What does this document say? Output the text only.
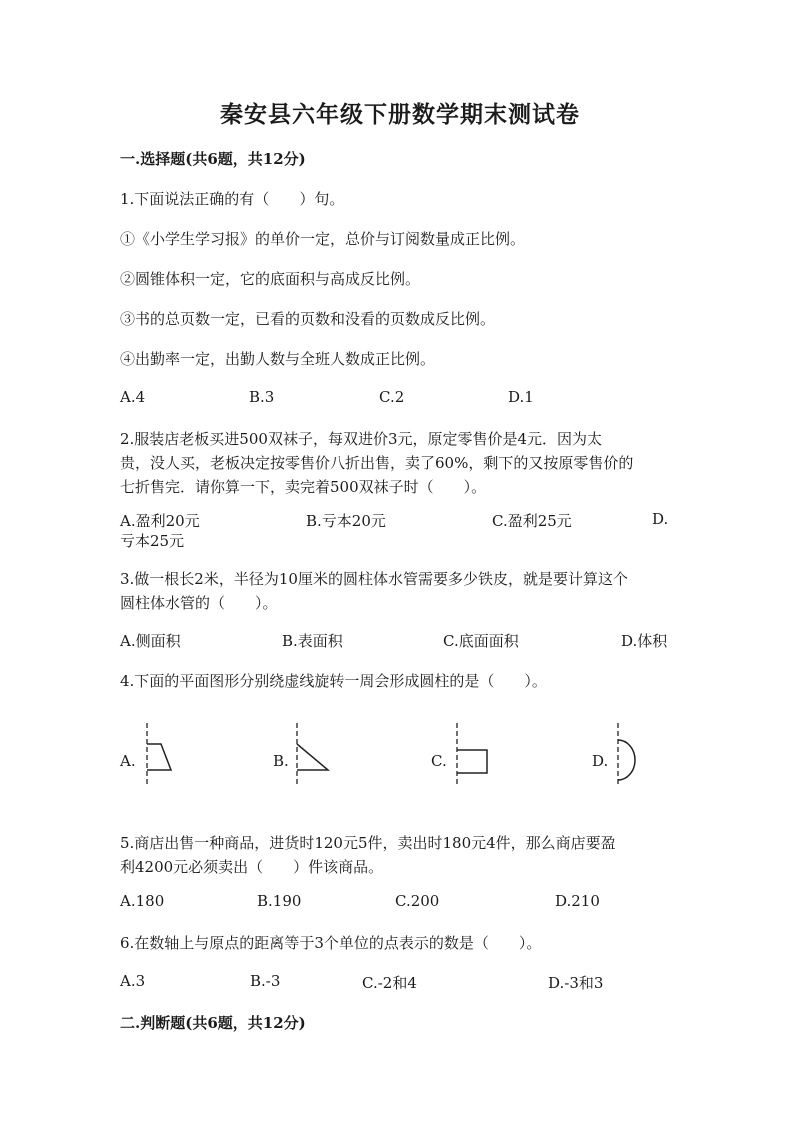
秦安县六年级下册数学期末测试卷
一.选择题(共6题，共12分)
1.下面说法正确的有（　　）句。
①《小学生学习报》的单价一定，总价与订阅数量成正比例。
②圆锥体积一定，它的底面积与高成反比例。
③书的总页数一定，已看的页数和没看的页数成反比例。
④出勤率一定，出勤人数与全班人数成正比例。
A.4	B.3	C.2	D.1
2.服装店老板买进500双袜子，每双进价3元，原定零售价是4元．因为太
贵，没人买，老板决定按零售价八折出售，卖了60%，剩下的又按原零售价的
七折售完．请你算一下，卖完着500双袜子时（　　）。
A.盈利20元	B.亏本20元	C.盈利25元	D.
亏本25元
3.做一根长2米，半径为10厘米的圆柱体水管需要多少铁皮，就是要计算这个
圆柱体水管的（　　）。
A.侧面积	B.表面积	C.底面面积	D.体积
4.下面的平面图形分别绕虚线旋转一周会形成圆柱的是（　　）。
A.	B.	C.	D.
5.商店出售一种商品，进货时120元5件，卖出时180元4件，那么商店要盈
利4200元必须卖出（　　）件该商品。
A.180	B.190	C.200	D.210
6.在数轴上与原点的距离等于3个单位的点表示的数是（　　）。
A.3	B.-3	C.-2和4	D.-3和3
二.判断题(共6题，共12分)
